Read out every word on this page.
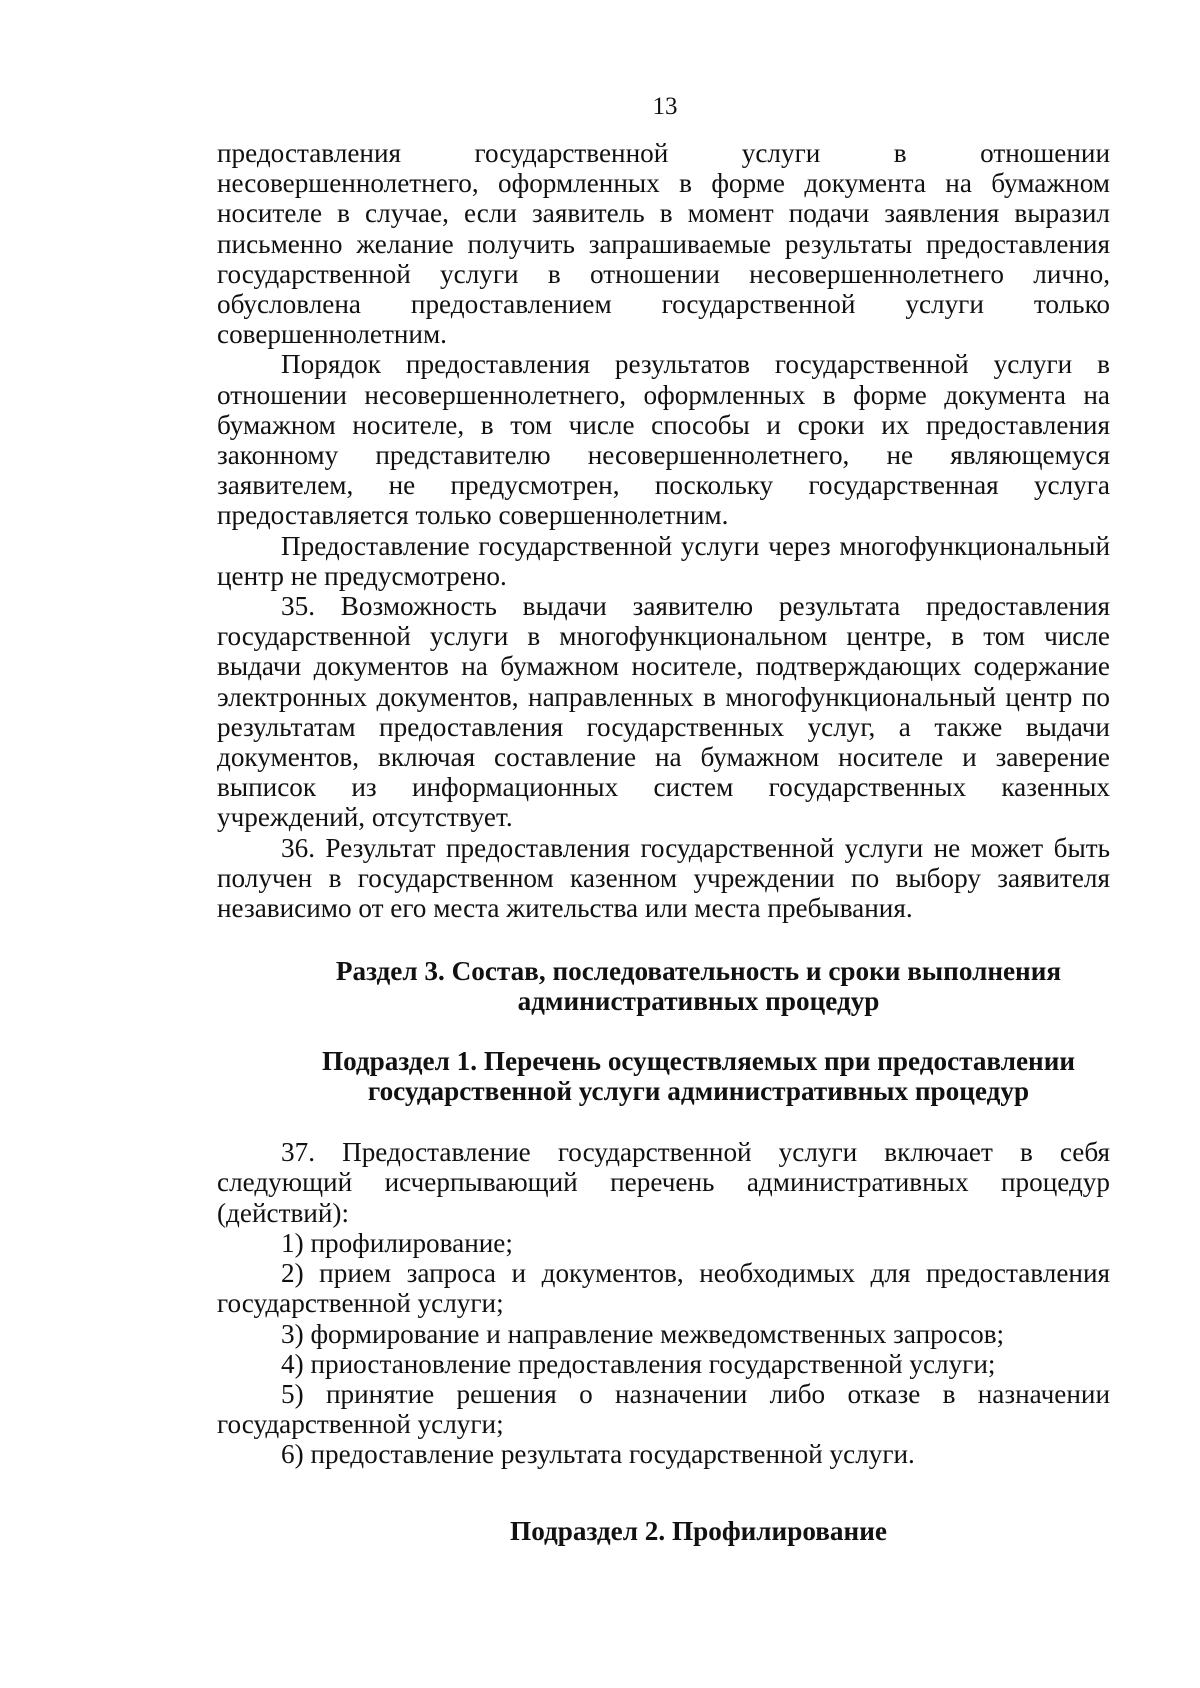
13

предоставления государственной услуги в отношении несовершеннолетнего, оформленных в форме документа на бумажном носителе в случае, если заявитель в момент подачи заявления выразил письменно желание получить запрашиваемые результаты предоставления государственной услуги в отношении несовершеннолетнего лично, обусловлена предоставлением государственной услуги только совершеннолетним.

Порядок предоставления результатов государственной услуги в отношении несовершеннолетнего, оформленных в форме документа на бумажном носителе, в том числе способы и сроки их предоставления законному представителю несовершеннолетнего, не являющемуся заявителем, не предусмотрен, поскольку государственная услуга предоставляется только совершеннолетним.

Предоставление государственной услуги через многофункциональный центр не предусмотрено.

35. Возможность выдачи заявителю результата предоставления государственной услуги в многофункциональном центре, в том числе выдачи документов на бумажном носителе, подтверждающих содержание электронных документов, направленных в многофункциональный центр по результатам предоставления государственных услуг, а также выдачи документов, включая составление на бумажном носителе и заверение выписок из информационных систем государственных казенных учреждений, отсутствует.

36. Результат предоставления государственной услуги не может быть получен в государственном казенном учреждении по выбору заявителя независимо от его места жительства или места пребывания.

Раздел 3. Состав, последовательность и сроки выполнения
административных процедур
Подраздел 1. Перечень осуществляемых при предоставлении
государственной услуги административных процедур

37. Предоставление государственной услуги включает в себя следующий исчерпывающий перечень административных процедур (действий):

1) профилирование;

2) прием запроса и документов, необходимых для предоставления государственной услуги;

3) формирование и направление межведомственных запросов;

4) приостановление предоставления государственной услуги;

5) принятие решения о назначении либо отказе в назначении государственной услуги;

6) предоставление результата государственной услуги.

Подраздел 2. Профилирование
